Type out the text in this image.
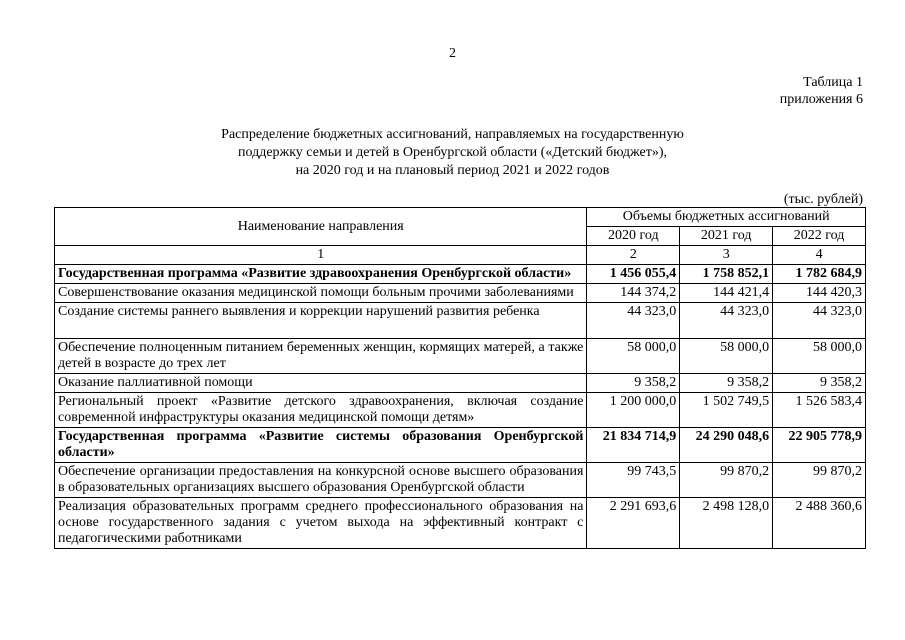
2
Таблица 1
приложения 6
Распределение бюджетных ассигнований, направляемых на государственную
поддержку семьи и детей в Оренбургской области («Детский бюджет»),
на 2020 год и на плановый период 2021 и 2022 годов
(тыс. рублей)
Наименование направления	Объемы бюджетных ассигнований		
	2020 год	2021 год	2022 год
1	2	3	4
Государственная программа «Развитие здравоохранения Оренбургской области»	1 456 055,4	1 758 852,1	1 782 684,9
Совершенствование оказания медицинской помощи больным прочими заболеваниями	144 374,2	144 421,4	144 420,3
Создание системы раннего выявления и коррекции нарушений развития ребенка	44 323,0	44 323,0	44 323,0
Обеспечение полноценным питанием беременных женщин, кормящих матерей, а также детей в возрасте до трех лет	58 000,0	58 000,0	58 000,0
Оказание паллиативной помощи	9 358,2	9 358,2	9 358,2
Региональный проект «Развитие детского здравоохранения, включая создание современной инфраструктуры оказания медицинской помощи детям»	1 200 000,0	1 502 749,5	1 526 583,4
Государственная программа «Развитие системы образования Оренбургской области»	21 834 714,9	24 290 048,6	22 905 778,9
Обеспечение организации предоставления на конкурсной основе высшего образования в образовательных организациях высшего образования Оренбургской области	99 743,5	99 870,2	99 870,2
Реализация образовательных программ среднего профессионального образования на основе государственного задания с учетом выхода на эффективный контракт с педагогическими работниками	2 291 693,6	2 498 128,0	2 488 360,6
